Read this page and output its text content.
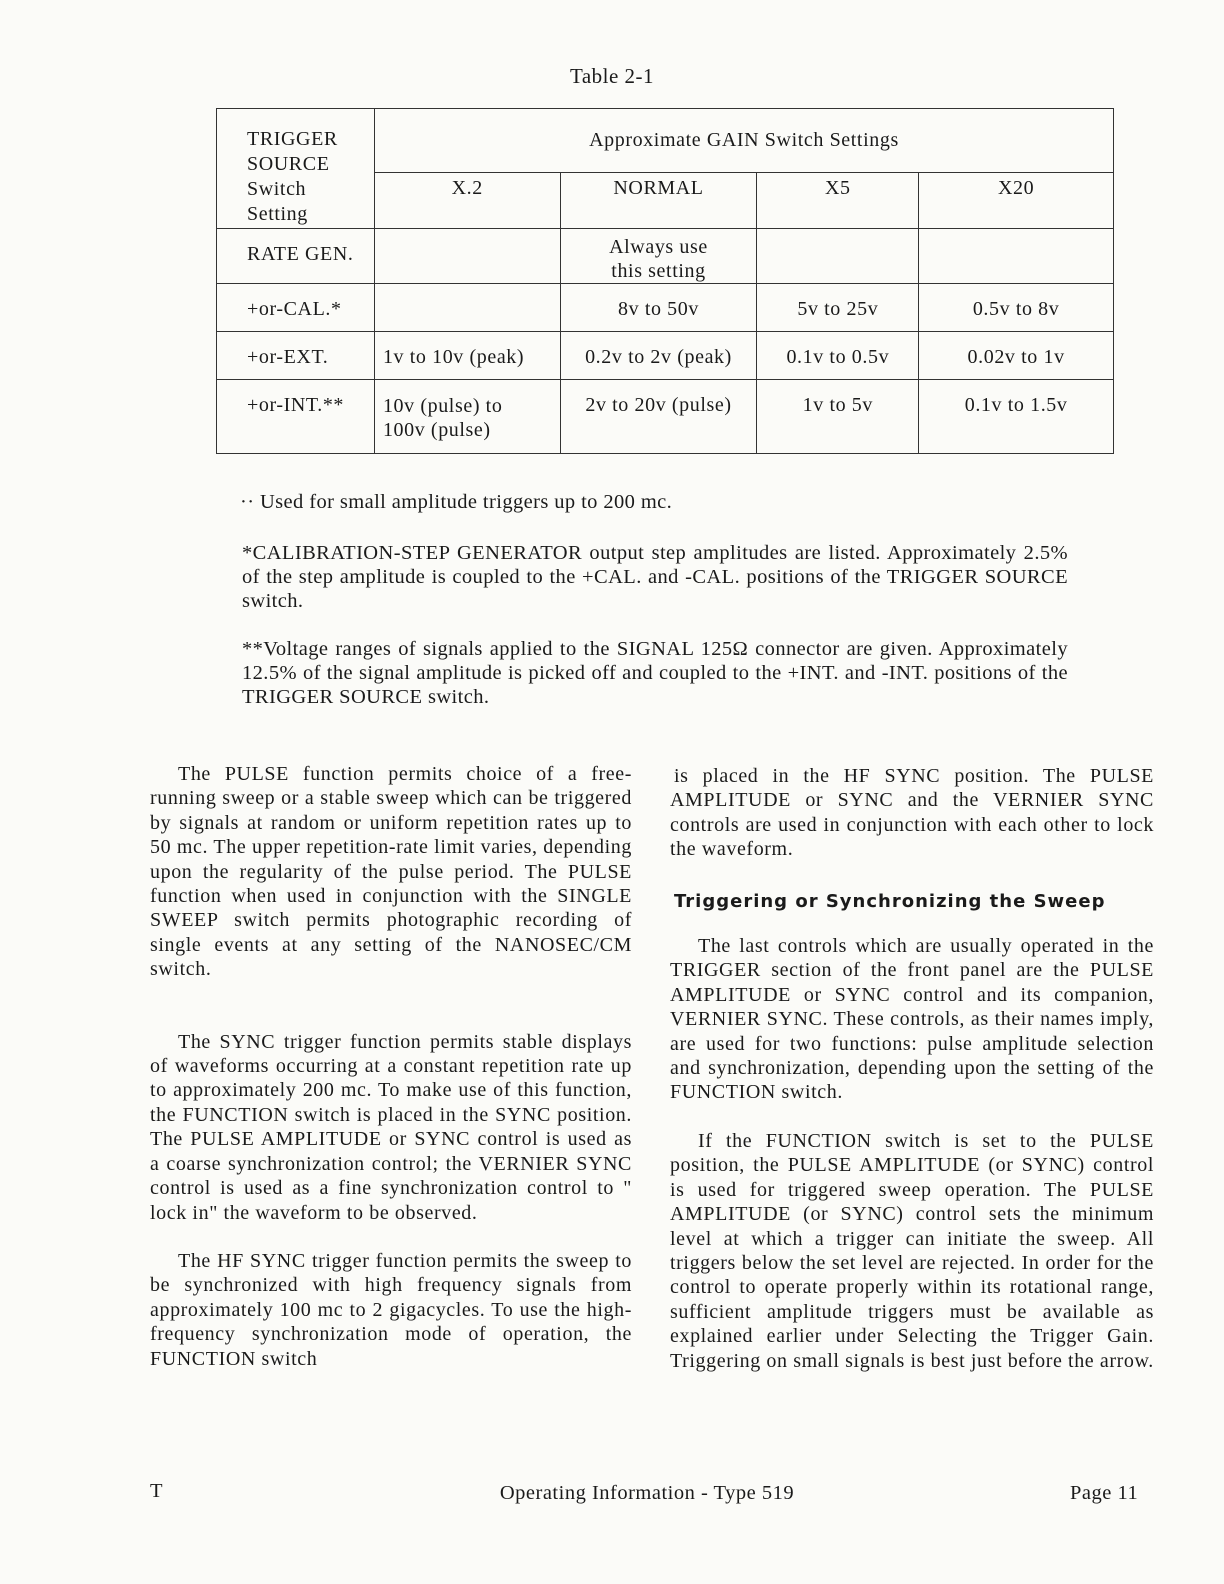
Table 2-1
TRIGGER
SOURCE
Switch
Setting	Approximate GAIN Switch Settings			
	X.2	NORMAL	X5	X20
RATE GEN.		Always use
this setting		
+or-CAL.*		8v to 50v	5v to 25v	0.5v to 8v
+or-EXT.	1v to 10v (peak)	0.2v to 2v (peak)	0.1v to 0.5v	0.02v to 1v
+or-INT.**	10v (pulse) to
100v (pulse)	2v to 20v (pulse)	1v to 5v	0.1v to 1.5v
·· Used for small amplitude triggers up to 200 mc.
*CALIBRATION-STEP GENERATOR output step amplitudes are listed. Approximately 2.5% of the step amplitude is coupled to the +CAL. and -CAL. positions of the TRIGGER SOURCE switch.
**Voltage ranges of signals applied to the SIGNAL 125Ω connector are given. Approximately 12.5% of the signal amplitude is picked off and coupled to the +INT. and -INT. positions of the TRIGGER SOURCE switch.

The PULSE function permits choice of a free-running sweep or a stable sweep which can be triggered by signals at random or uniform repetition rates up to 50 mc. The upper repetition-rate limit varies, depending upon the regularity of the pulse period. The PULSE function when used in conjunction with the SINGLE SWEEP switch permits photographic recording of single events at any setting of the NANOSEC/CM switch.

The SYNC trigger function permits stable displays of waveforms occurring at a constant repetition rate up to approximately 200 mc. To make use of this function, the FUNCTION switch is placed in the SYNC position. The PULSE AMPLITUDE or SYNC control is used as a coarse synchronization control; the VERNIER SYNC control is used as a fine synchronization control to " lock in" the waveform to be observed.

The HF SYNC trigger function permits the sweep to be synchronized with high frequency signals from approximately 100 mc to 2 gigacycles. To use the high-frequency synchronization mode of operation, the FUNCTION switch

is placed in the HF SYNC position. The PULSE AMPLITUDE or SYNC and the VERNIER SYNC controls are used in conjunction with each other to lock the waveform.

Triggering or Synchronizing the Sweep

The last controls which are usually operated in the TRIGGER section of the front panel are the PULSE AMPLITUDE or SYNC control and its companion, VERNIER SYNC. These controls, as their names imply, are used for two functions: pulse amplitude selection and synchronization, depending upon the setting of the FUNCTION switch.

If the FUNCTION switch is set to the PULSE position, the PULSE AMPLITUDE (or SYNC) control is used for triggered sweep operation. The PULSE AMPLITUDE (or SYNC) control sets the minimum level at which a trigger can initiate the sweep. All triggers below the set level are rejected. In order for the control to operate properly within its rotational range, sufficient amplitude triggers must be available as explained earlier under Selecting the Trigger Gain. Triggering on small signals is best just before the arrow.

T	Operating Information - Type 519	Page 11
